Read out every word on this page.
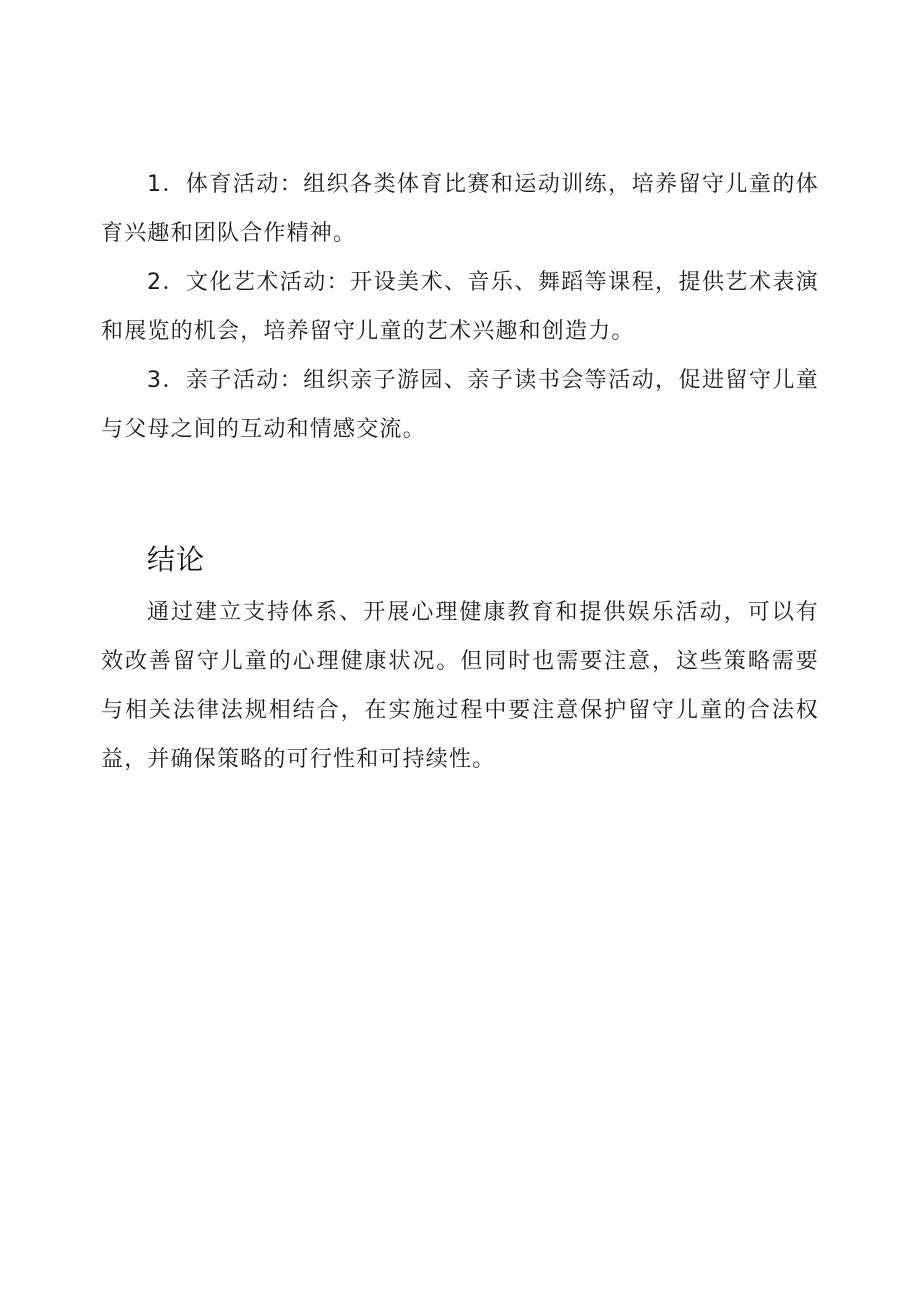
1．体育活动：组织各类体育比赛和运动训练，培养留守儿童的体育兴趣和团队合作精神。

2．文化艺术活动：开设美术、音乐、舞蹈等课程，提供艺术表演和展览的机会，培养留守儿童的艺术兴趣和创造力。

3．亲子活动：组织亲子游园、亲子读书会等活动，促进留守儿童与父母之间的互动和情感交流。

结论

通过建立支持体系、开展心理健康教育和提供娱乐活动，可以有效改善留守儿童的心理健康状况。但同时也需要注意，这些策略需要与相关法律法规相结合，在实施过程中要注意保护留守儿童的合法权益，并确保策略的可行性和可持续性。
